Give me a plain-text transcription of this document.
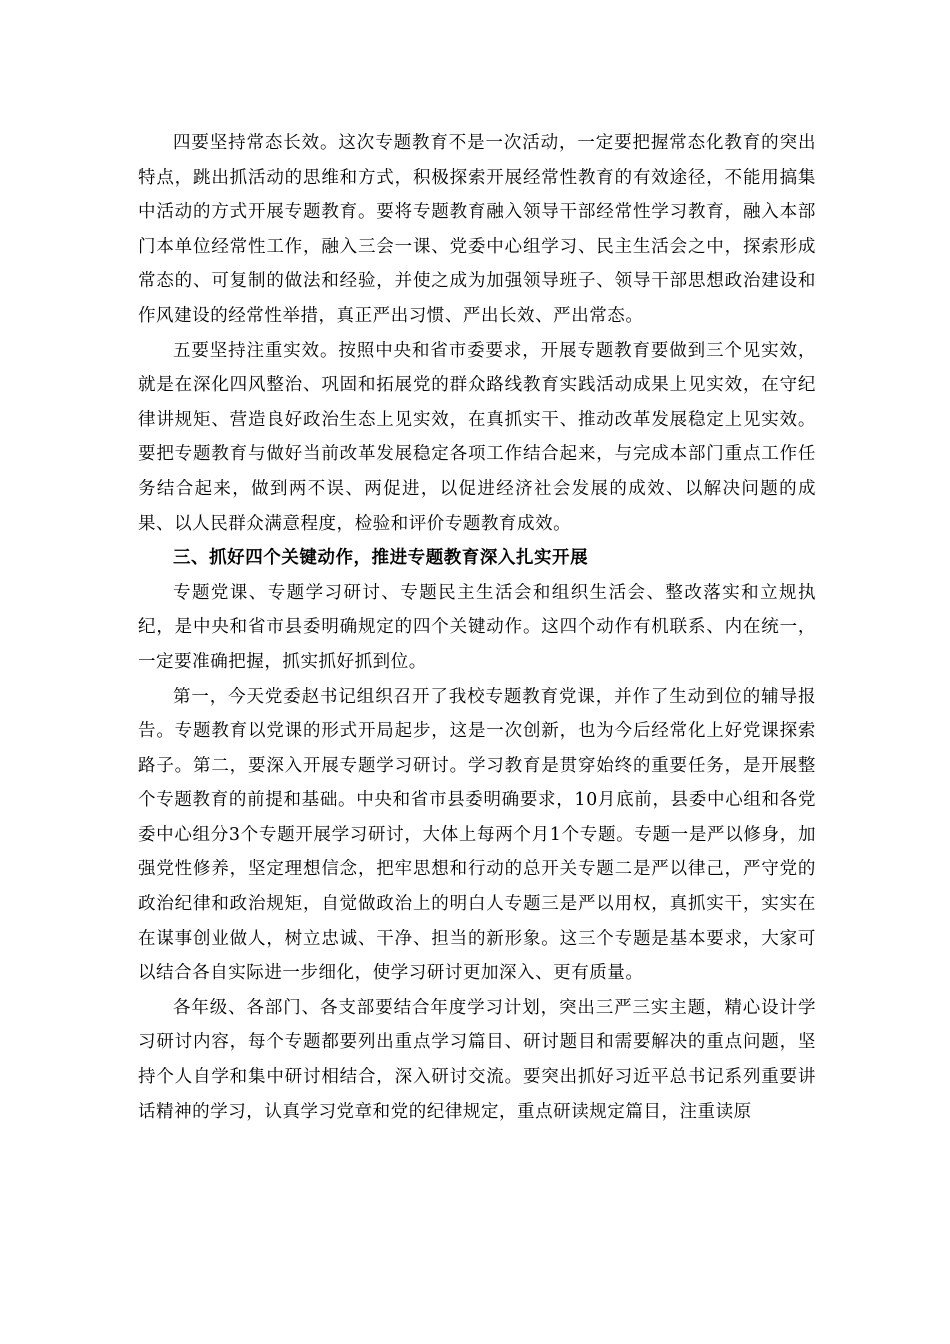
四要坚持常态长效。这次专题教育不是一次活动，一定要把握常态化教育的突出特点，跳出抓活动的思维和方式，积极探索开展经常性教育的有效途径，不能用搞集中活动的方式开展专题教育。要将专题教育融入领导干部经常性学习教育，融入本部门本单位经常性工作，融入三会一课、党委中心组学习、民主生活会之中，探索形成常态的、可复制的做法和经验，并使之成为加强领导班子、领导干部思想政治建设和作风建设的经常性举措，真正严出习惯、严出长效、严出常态。

五要坚持注重实效。按照中央和省市委要求，开展专题教育要做到三个见实效，就是在深化四风整治、巩固和拓展党的群众路线教育实践活动成果上见实效，在守纪律讲规矩、营造良好政治生态上见实效，在真抓实干、推动改革发展稳定上见实效。要把专题教育与做好当前改革发展稳定各项工作结合起来，与完成本部门重点工作任务结合起来，做到两不误、两促进，以促进经济社会发展的成效、以解决问题的成果、以人民群众满意程度，检验和评价专题教育成效。

三、抓好四个关键动作，推进专题教育深入扎实开展

专题党课、专题学习研讨、专题民主生活会和组织生活会、整改落实和立规执纪，是中央和省市县委明确规定的四个关键动作。这四个动作有机联系、内在统一，一定要准确把握，抓实抓好抓到位。

第一，今天党委赵书记组织召开了我校专题教育党课，并作了生动到位的辅导报告。专题教育以党课的形式开局起步，这是一次创新，也为今后经常化上好党课探索路子。第二，要深入开展专题学习研讨。学习教育是贯穿始终的重要任务，是开展整个专题教育的前提和基础。中央和省市县委明确要求，10月底前，县委中心组和各党委中心组分3个专题开展学习研讨，大体上每两个月1个专题。专题一是严以修身，加强党性修养，坚定理想信念，把牢思想和行动的总开关专题二是严以律己，严守党的政治纪律和政治规矩，自觉做政治上的明白人专题三是严以用权，真抓实干，实实在在谋事创业做人，树立忠诚、干净、担当的新形象。这三个专题是基本要求，大家可以结合各自实际进一步细化，使学习研讨更加深入、更有质量。

各年级、各部门、各支部要结合年度学习计划，突出三严三实主题，精心设计学习研讨内容，每个专题都要列出重点学习篇目、研讨题目和需要解决的重点问题，坚持个人自学和集中研讨相结合，深入研讨交流。要突出抓好习近平总书记系列重要讲话精神的学习，认真学习党章和党的纪律规定，重点研读规定篇目，注重读原
